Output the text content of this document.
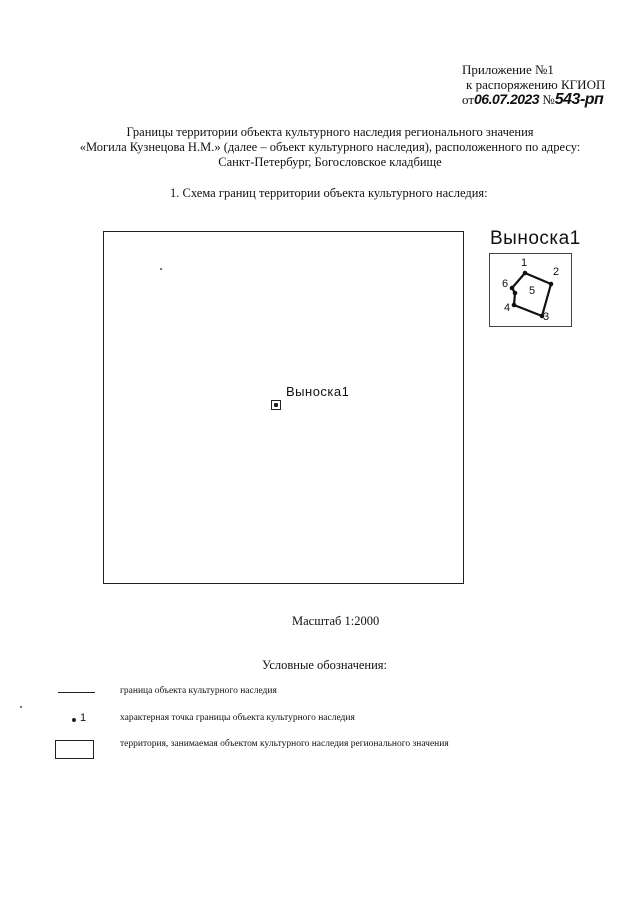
Приложение №1
к распоряжению КГИОП
от06.07.2023 №543-рп
Границы территории объекта культурного наследия регионального значения
«Могила Кузнецова Н.М.» (далее – объект культурного наследия), расположенного по адресу:
Санкт-Петербург, Богословское кладбище
1. Схема границ территории объекта культурного наследия:
Выноска1
Выноска1
1
2
3
4
5
6
Масштаб 1:2000
Условные обозначения:
граница объекта культурного наследия
1	характерная точка границы объекта культурного наследия
территория, занимаемая объектом культурного наследия регионального значения
